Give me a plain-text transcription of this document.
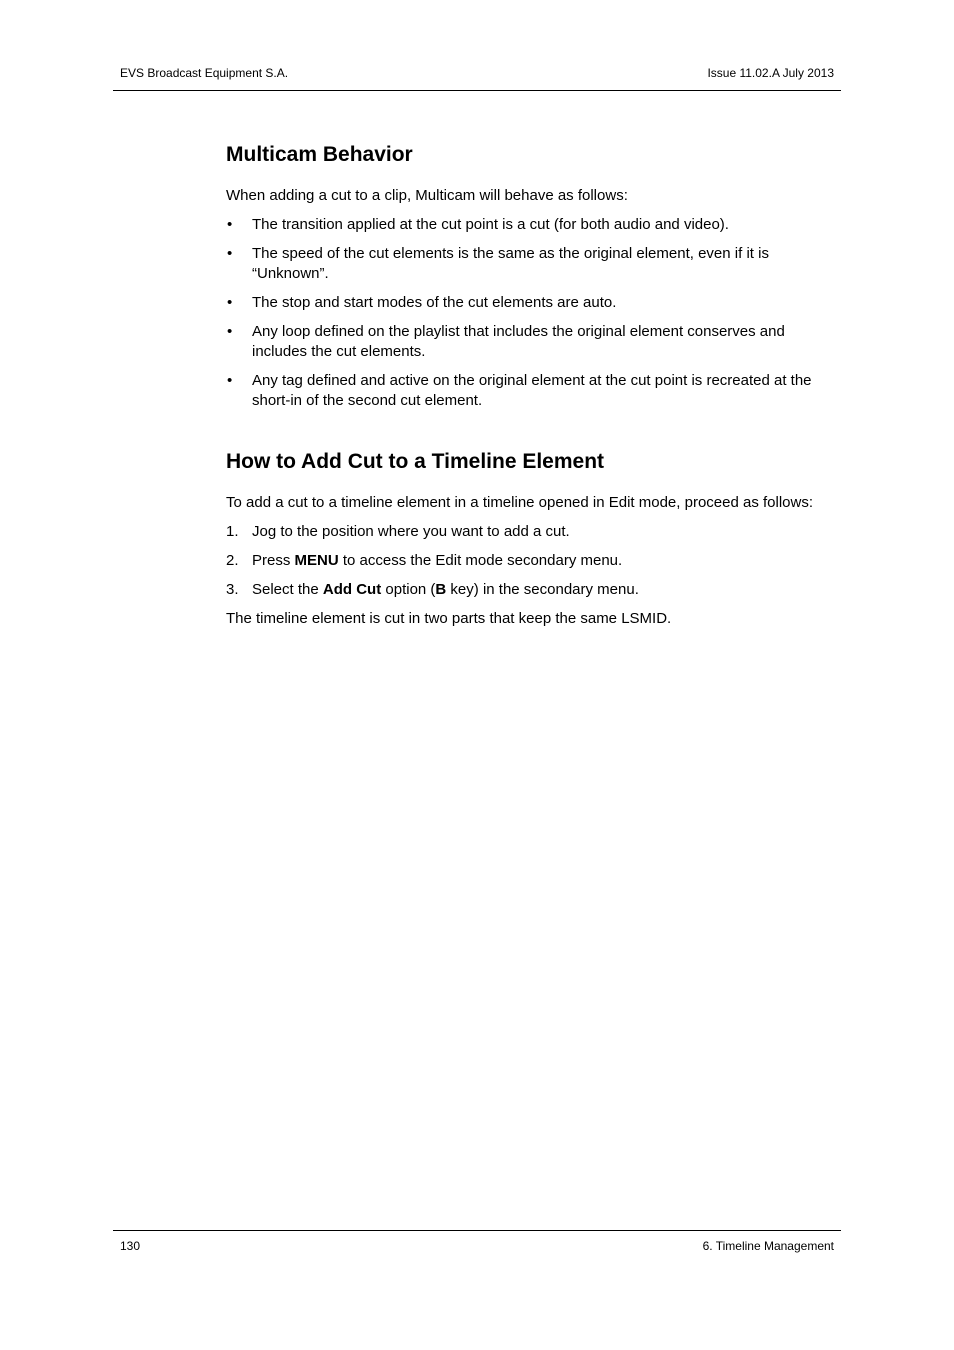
EVS Broadcast Equipment S.A.	Issue 11.02.A July 2013
Multicam Behavior

When adding a cut to a clip, Multicam will behave as follows:

• The transition applied at the cut point is a cut (for both audio and video).
• The speed of the cut elements is the same as the original element, even if it is “Unknown”.
• The stop and start modes of the cut elements are auto.
• Any loop defined on the playlist that includes the original element conserves and includes the cut elements.
• Any tag defined and active on the original element at the cut point is recreated at the short-in of the second cut element.
How to Add Cut to a Timeline Element

To add a cut to a timeline element in a timeline opened in Edit mode, proceed as follows:

1. Jog to the position where you want to add a cut.
2. Press MENU to access the Edit mode secondary menu.
3. Select the Add Cut option (B key) in the secondary menu.

The timeline element is cut in two parts that keep the same LSMID.

130	6. Timeline Management
